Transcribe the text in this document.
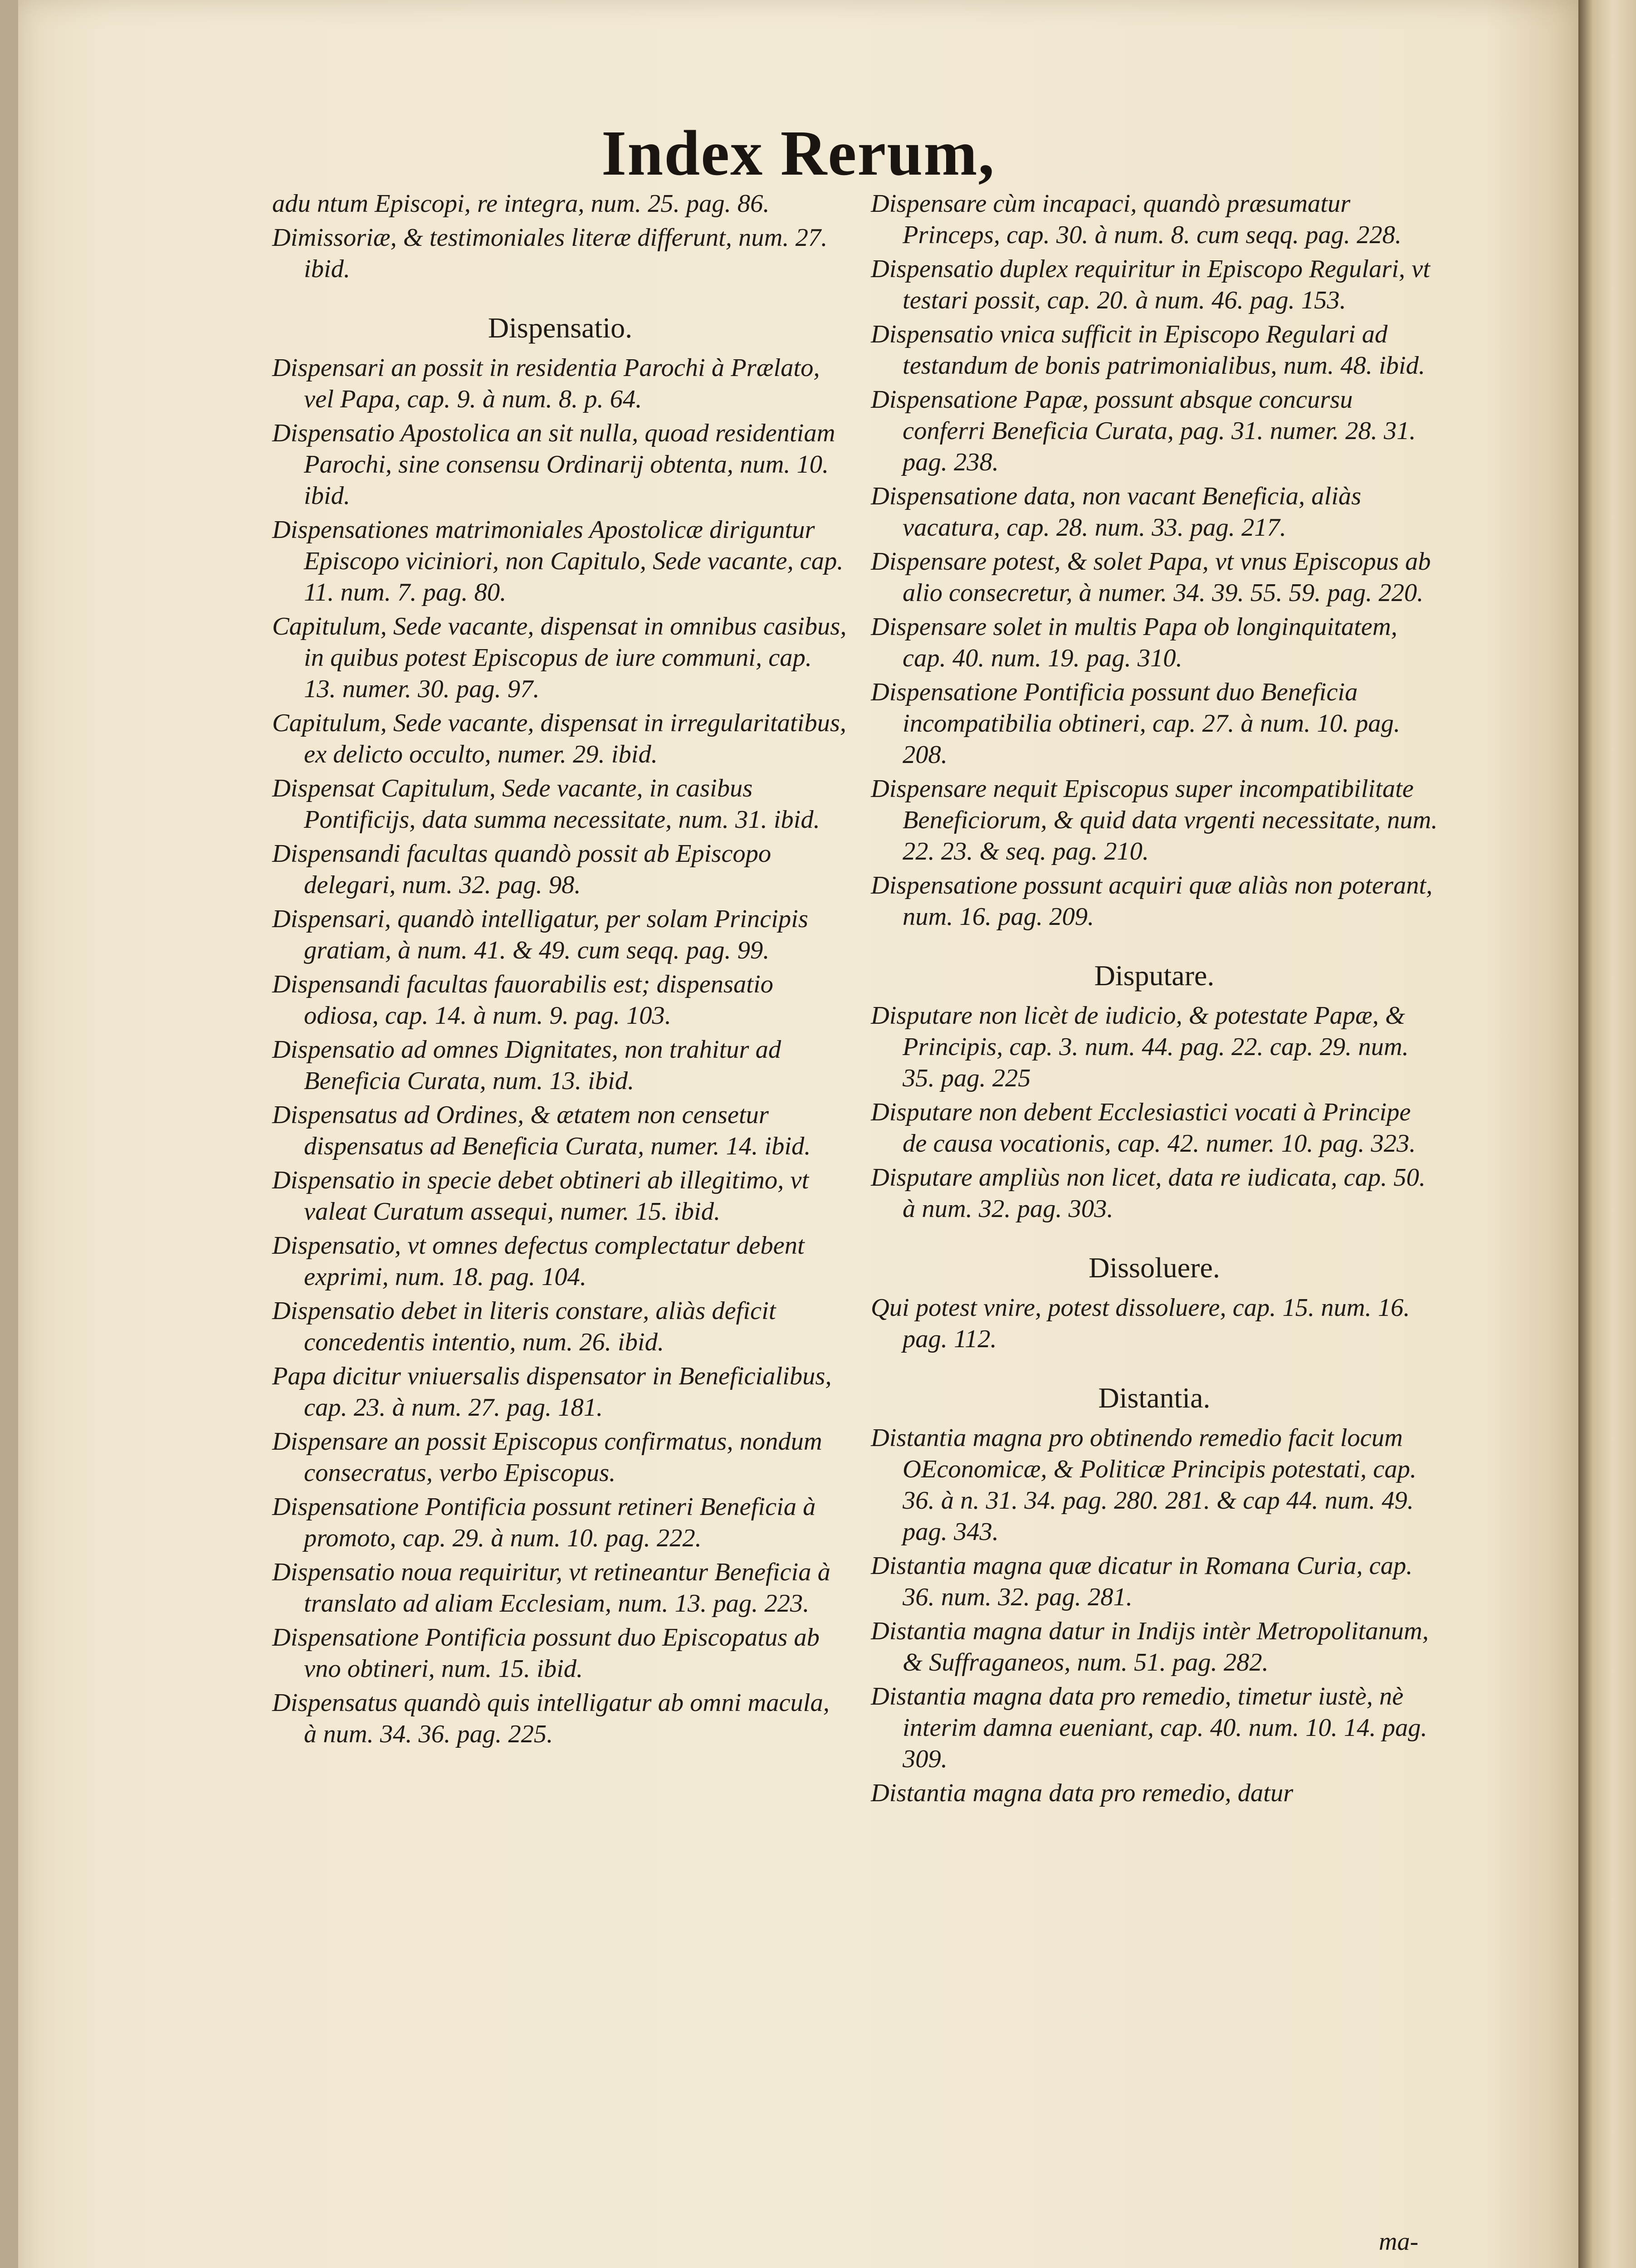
Index Rerum,

adu ntum Episcopi, re integra, num. 25. pag. 86.

Dimissoriæ, & testimoniales literæ differunt, num. 27. ibid.

Dispensatio.

Dispensari an possit in residentia Parochi à Prælato, vel Papa, cap. 9. à num. 8. p. 64.

Dispensatio Apostolica an sit nulla, quoad residentiam Parochi, sine consensu Ordinarij obtenta, num. 10. ibid.

Dispensationes matrimoniales Apostolicæ diriguntur Episcopo viciniori, non Capitulo, Sede vacante, cap. 11. num. 7. pag. 80.

Capitulum, Sede vacante, dispensat in omnibus casibus, in quibus potest Episcopus de iure communi, cap. 13. numer. 30. pag. 97.

Capitulum, Sede vacante, dispensat in irregularitatibus, ex delicto occulto, numer. 29. ibid.

Dispensat Capitulum, Sede vacante, in casibus Pontificijs, data summa necessitate, num. 31. ibid.

Dispensandi facultas quandò possit ab Episcopo delegari, num. 32. pag. 98.

Dispensari, quandò intelligatur, per solam Principis gratiam, à num. 41. & 49. cum seqq. pag. 99.

Dispensandi facultas fauorabilis est; dispensatio odiosa, cap. 14. à num. 9. pag. 103.

Dispensatio ad omnes Dignitates, non trahitur ad Beneficia Curata, num. 13. ibid.

Dispensatus ad Ordines, & ætatem non censetur dispensatus ad Beneficia Curata, numer. 14. ibid.

Dispensatio in specie debet obtineri ab illegitimo, vt valeat Curatum assequi, numer. 15. ibid.

Dispensatio, vt omnes defectus complectatur debent exprimi, num. 18. pag. 104.

Dispensatio debet in literis constare, aliàs deficit concedentis intentio, num. 26. ibid.

Papa dicitur vniuersalis dispensator in Beneficialibus, cap. 23. à num. 27. pag. 181.

Dispensare an possit Episcopus confirmatus, nondum consecratus, verbo Episcopus.

Dispensatione Pontificia possunt retineri Beneficia à promoto, cap. 29. à num. 10. pag. 222.

Dispensatio noua requiritur, vt retineantur Beneficia à translato ad aliam Ecclesiam, num. 13. pag. 223.

Dispensatione Pontificia possunt duo Episcopatus ab vno obtineri, num. 15. ibid.

Dispensatus quandò quis intelligatur ab omni macula, à num. 34. 36. pag. 225.

Dispensare cùm incapaci, quandò præsumatur Princeps, cap. 30. à num. 8. cum seqq. pag. 228.

Dispensatio duplex requiritur in Episcopo Regulari, vt testari possit, cap. 20. à num. 46. pag. 153.

Dispensatio vnica sufficit in Episcopo Regulari ad testandum de bonis patrimonialibus, num. 48. ibid.

Dispensatione Papæ, possunt absque concursu conferri Beneficia Curata, pag. 31. numer. 28. 31. pag. 238.

Dispensatione data, non vacant Beneficia, aliàs vacatura, cap. 28. num. 33. pag. 217.

Dispensare potest, & solet Papa, vt vnus Episcopus ab alio consecretur, à numer. 34. 39. 55. 59. pag. 220.

Dispensare solet in multis Papa ob longinquitatem, cap. 40. num. 19. pag. 310.

Dispensatione Pontificia possunt duo Beneficia incompatibilia obtineri, cap. 27. à num. 10. pag. 208.

Dispensare nequit Episcopus super incompatibilitate Beneficiorum, & quid data vrgenti necessitate, num. 22. 23. & seq. pag. 210.

Dispensatione possunt acquiri quæ aliàs non poterant, num. 16. pag. 209.

Disputare.

Disputare non licèt de iudicio, & potestate Papæ, & Principis, cap. 3. num. 44. pag. 22. cap. 29. num. 35. pag. 225

Disputare non debent Ecclesiastici vocati à Principe de causa vocationis, cap. 42. numer. 10. pag. 323.

Disputare ampliùs non licet, data re iudicata, cap. 50. à num. 32. pag. 303.

Dissoluere.

Qui potest vnire, potest dissoluere, cap. 15. num. 16. pag. 112.

Distantia.

Distantia magna pro obtinendo remedio facit locum OEconomicæ, & Politicæ Principis potestati, cap. 36. à n. 31. 34. pag. 280. 281. & cap 44. num. 49. pag. 343.

Distantia magna quæ dicatur in Romana Curia, cap. 36. num. 32. pag. 281.

Distantia magna datur in Indijs intèr Metropolitanum, & Suffraganeos, num. 51. pag. 282.

Distantia magna data pro remedio, timetur iustè, nè interim damna eueniant, cap. 40. num. 10. 14. pag. 309.

Distantia magna data pro remedio, datur

ma-
